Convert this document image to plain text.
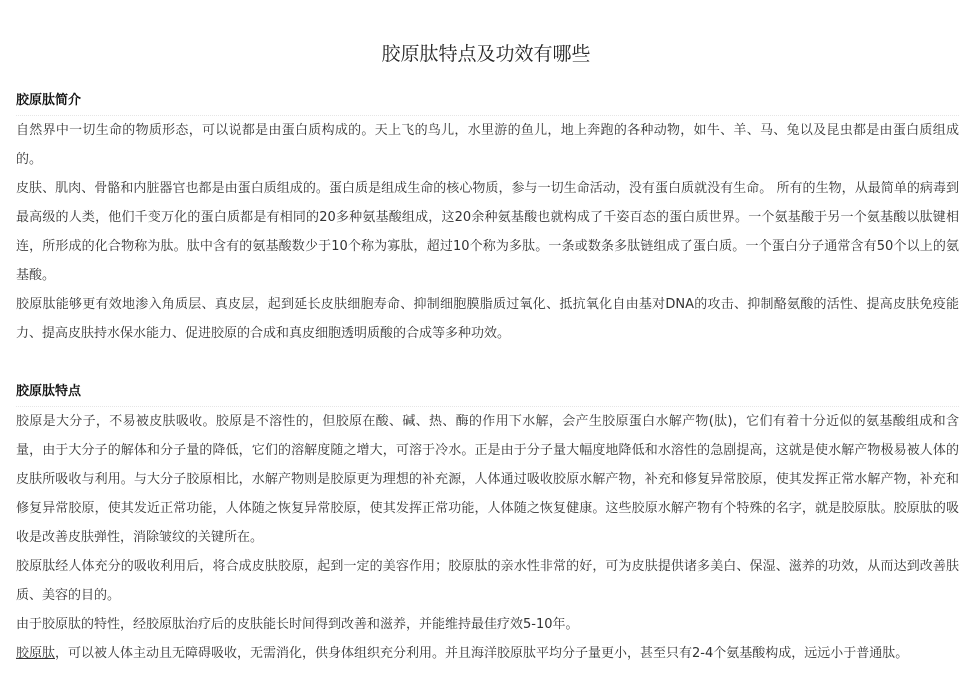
胶原肽特点及功效有哪些

胶原肽简介

自然界中一切生命的物质形态，可以说都是由蛋白质构成的。天上飞的鸟儿，水里游的鱼儿，地上奔跑的各种动物，如牛、羊、马、兔以及昆虫都是由蛋白质组成的。

皮肤、肌肉、骨骼和内脏器官也都是由蛋白质组成的。蛋白质是组成生命的核心物质，参与一切生命活动，没有蛋白质就没有生命。 所有的生物，从最简单的病毒到最高级的人类，他们千变万化的蛋白质都是有相同的20多种氨基酸组成，这20余种氨基酸也就构成了千姿百态的蛋白质世界。一个氨基酸于另一个氨基酸以肽键相连，所形成的化合物称为肽。肽中含有的氨基酸数少于10个称为寡肽，超过10个称为多肽。一条或数条多肽链组成了蛋白质。一个蛋白分子通常含有50个以上的氨基酸。

胶原肽能够更有效地渗入角质层、真皮层，起到延长皮肤细胞寿命、抑制细胞膜脂质过氧化、抵抗氧化自由基对DNA的攻击、抑制酪氨酸的活性、提高皮肤免疫能力、提高皮肤持水保水能力、促进胶原的合成和真皮细胞透明质酸的合成等多种功效。

胶原肽特点

胶原是大分子，不易被皮肤吸收。胶原是不溶性的，但胶原在酸、碱、热、酶的作用下水解，会产生胶原蛋白水解产物(肽)，它们有着十分近似的氨基酸组成和含量，由于大分子的解体和分子量的降低，它们的溶解度随之增大，可溶于冷水。正是由于分子量大幅度地降低和水溶性的急剧提高，这就是使水解产物极易被人体的皮肤所吸收与利用。与大分子胶原相比，水解产物则是胶原更为理想的补充源，人体通过吸收胶原水解产物，补充和修复异常胶原，使其发挥正常水解产物，补充和修复异常胶原，使其发近正常功能，人体随之恢复异常胶原，使其发挥正常功能，人体随之恢复健康。这些胶原水解产物有个特殊的名字，就是胶原肽。胶原肽的吸收是改善皮肤弹性，消除皱纹的关键所在。

胶原肽经人体充分的吸收利用后，将合成皮肤胶原，起到一定的美容作用；胶原肽的亲水性非常的好，可为皮肤提供诸多美白、保湿、滋养的功效，从而达到改善肤质、美容的目的。

由于胶原肽的特性，经胶原肽治疗后的皮肤能长时间得到改善和滋养，并能维持最佳疗效5-10年。

胶原肽，可以被人体主动且无障碍吸收，无需消化，供身体组织充分利用。并且海洋胶原肽平均分子量更小，甚至只有2-4个氨基酸构成，远远小于普通肽。
